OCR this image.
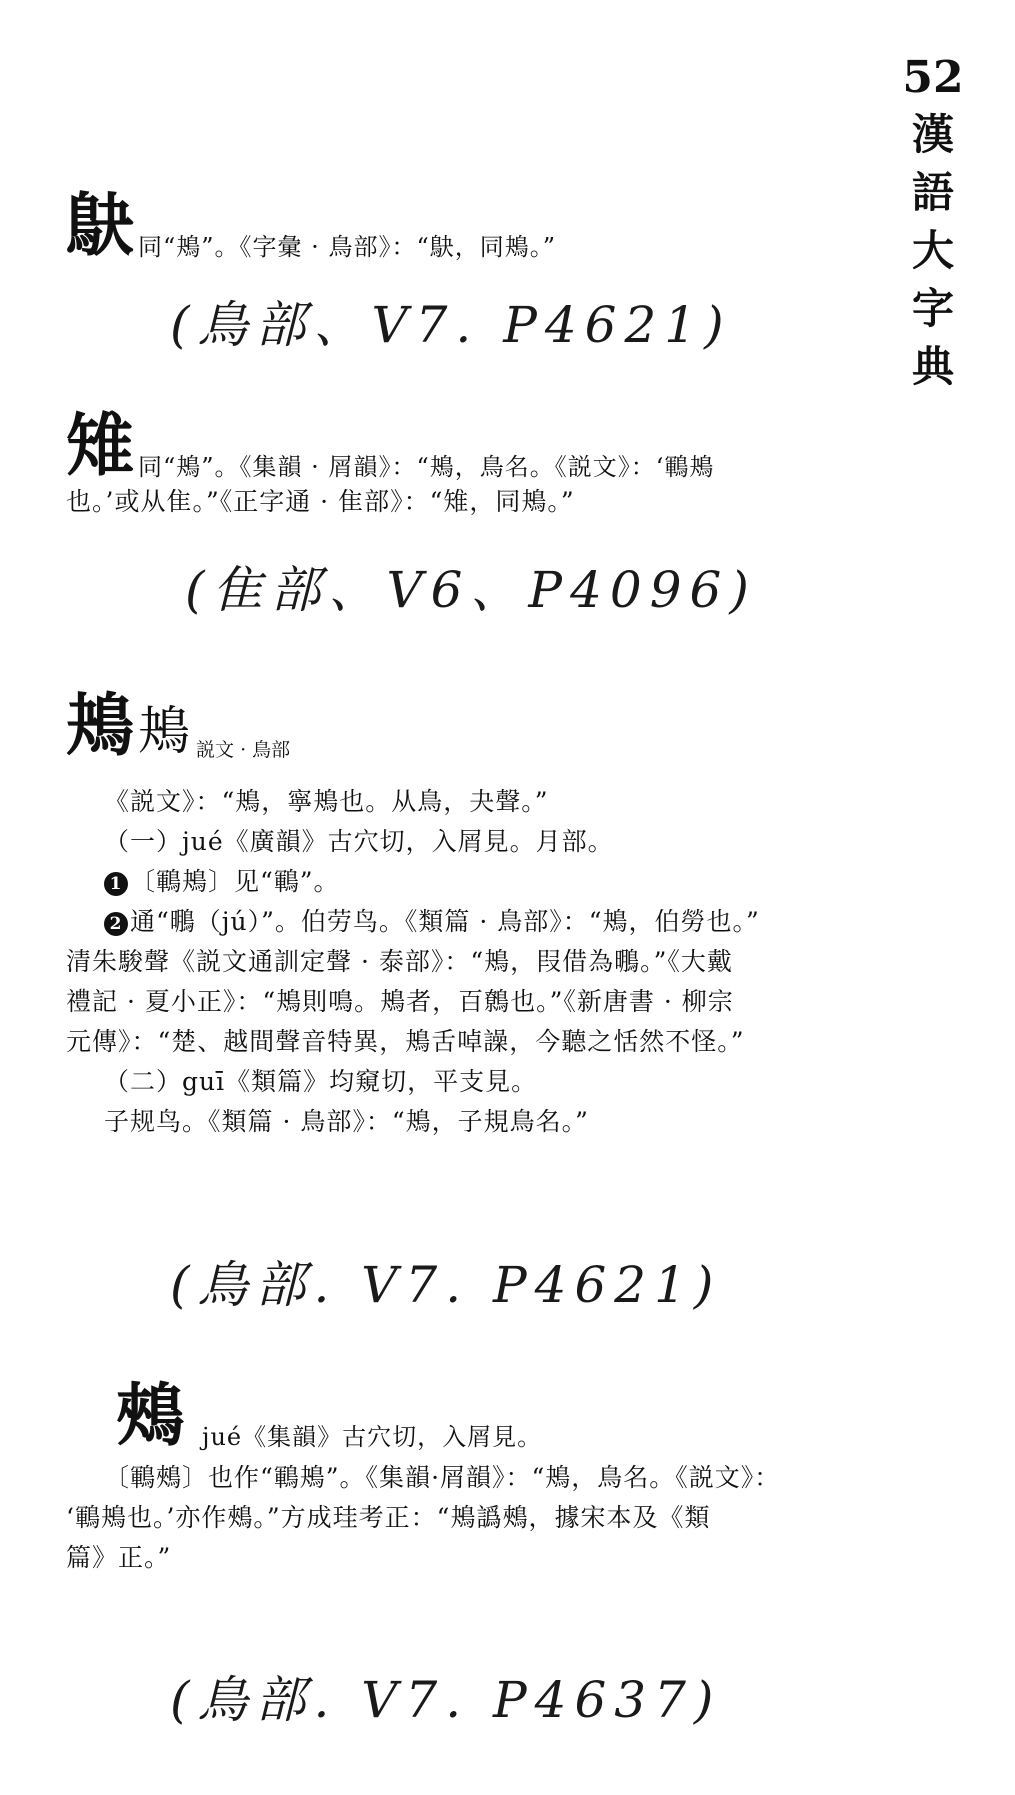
52
漢
語
大
字
典
鴃同“鴂”。《字彙 · 鳥部》：“鴃，同鴂。”
(鳥部、V7. P4621)
雉同“鴂”。《集韻 · 屑韻》：“鴂，鳥名。《説文》：‘鶤鴂
也。’或从隹。”《正字通 · 隹部》：“雉，同鴂。”
(隹部、V6、P4096)
鴂鴂 説文 · 鳥部
《説文》：“鴂，寧鴂也。从鳥，夬聲。”
（一）jué《廣韻》古穴切，入屑見。月部。
1 〔鶤鴂〕见“鶤”。
2 通“䳟（jú）”。伯劳鸟。《類篇 · 鳥部》：“鴂，伯勞也。”
清朱駿聲《説文通訓定聲 · 泰部》：“鴂，叚借為䳟。”《大戴
禮記 · 夏小正》：“鴂則鳴。鴂者，百鷯也。”《新唐書 · 柳宗
元傳》：“楚、越間聲音特異，鴂舌啅譟，今聽之恬然不怪。”
（二）guī《類篇》均窺切，平支見。
子规鸟。《類篇 · 鳥部》：“鴂，子規鳥名。”
(鳥部. V7. P4621)
鵊jué《集韻》古穴切，入屑見。
〔鶤鵊〕也作“鶤鴂”。《集韻·屑韻》：“鴂，鳥名。《説文》：
‘鶤鴂也。’亦作鵊。”方成珪考正：“鴂譌鵊，據宋本及《類
篇》正。”
(鳥部. V7. P4637)
